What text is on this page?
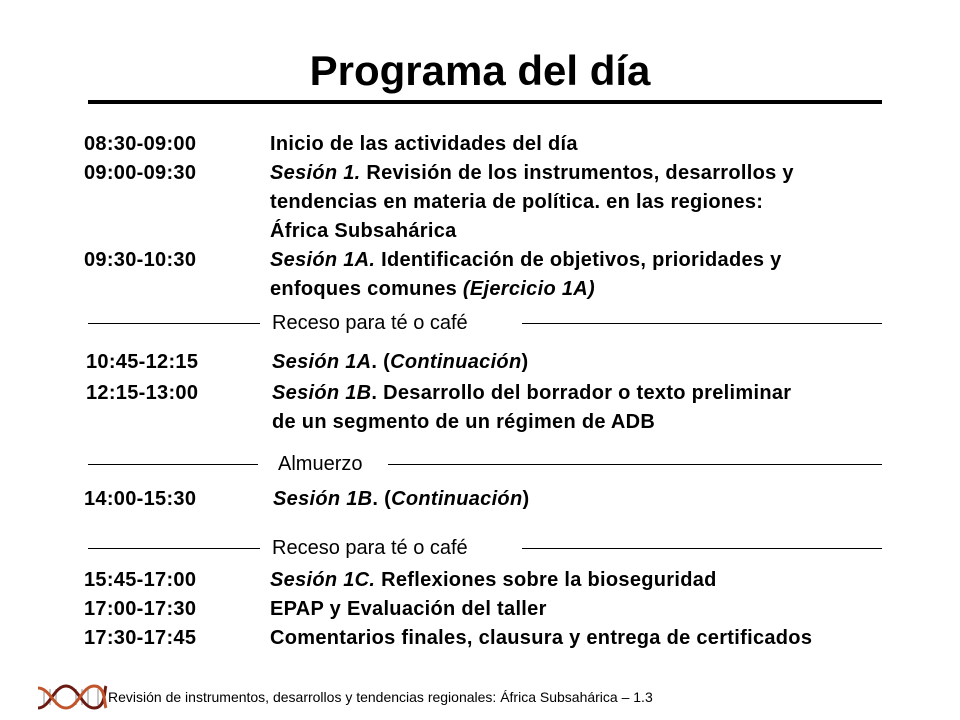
Programa del día
08:30-09:00	Inicio de las actividades del día
09:00-09:30	Sesión 1. Revisión de los instrumentos, desarrollos y
tendencias en materia de política. en las regiones:
África Subsahárica
09:30-10:30	Sesión 1A. Identificación de objetivos, prioridades y
enfoques comunes (Ejercicio 1A)
Receso para té o café
10:45-12:15	Sesión 1A. (Continuación)
12:15-13:00	Sesión 1B. Desarrollo del borrador o texto preliminar
de un segmento de un régimen de ADB
Almuerzo
14:00-15:30	Sesión 1B. (Continuación)
Receso para té o café
15:45-17:00	Sesión 1C. Reflexiones sobre la bioseguridad
17:00-17:30	EPAP y Evaluación del taller
17:30-17:45	Comentarios finales, clausura y entrega de certificados
Revisión de instrumentos, desarrollos y tendencias regionales: África Subsahárica – 1.3
